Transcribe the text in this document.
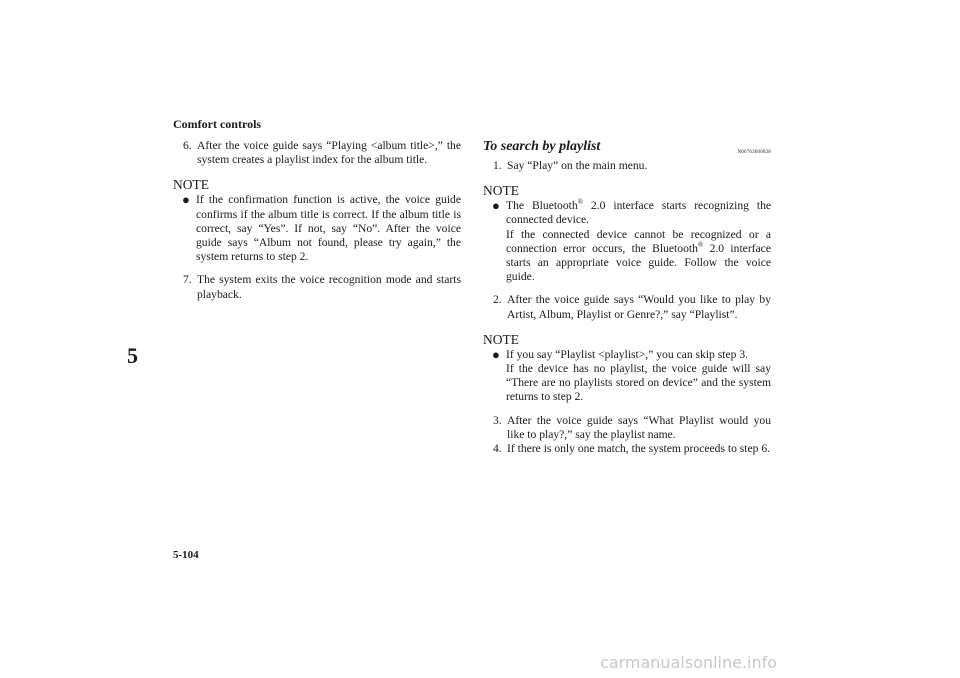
Comfort controls
5
5-104

6. After the voice guide says “Playing <album title>,” the system creates a playlist index for the album title.

NOTE

● If the confirmation function is active, the voice guide confirms if the album title is correct. If the album title is correct, say “Yes”. If not, say “No”. After the voice guide says “Album not found, please try again,” the system returns to step 2.

7. The system exits the voice recognition mode and starts playback.

To search by playlist	N00763600028

1. Say “Play” on the main menu.

NOTE
● The Bluetooth® 2.0 interface starts recognizing the connected device.
If the connected device cannot be recognized or a connection error occurs, the Bluetooth® 2.0 interface starts an appropriate voice guide. Follow the voice guide.

2. After the voice guide says “Would you like to play by Artist, Album, Playlist or Genre?,” say “Playlist”.

NOTE
● If you say “Playlist <playlist>,” you can skip step 3.
If the device has no playlist, the voice guide will say “There are no playlists stored on device” and the system returns to step 2.

3. After the voice guide says “What Playlist would you like to play?,” say the playlist name.

4. If there is only one match, the system proceeds to step 6.

carmanualsonline.info
